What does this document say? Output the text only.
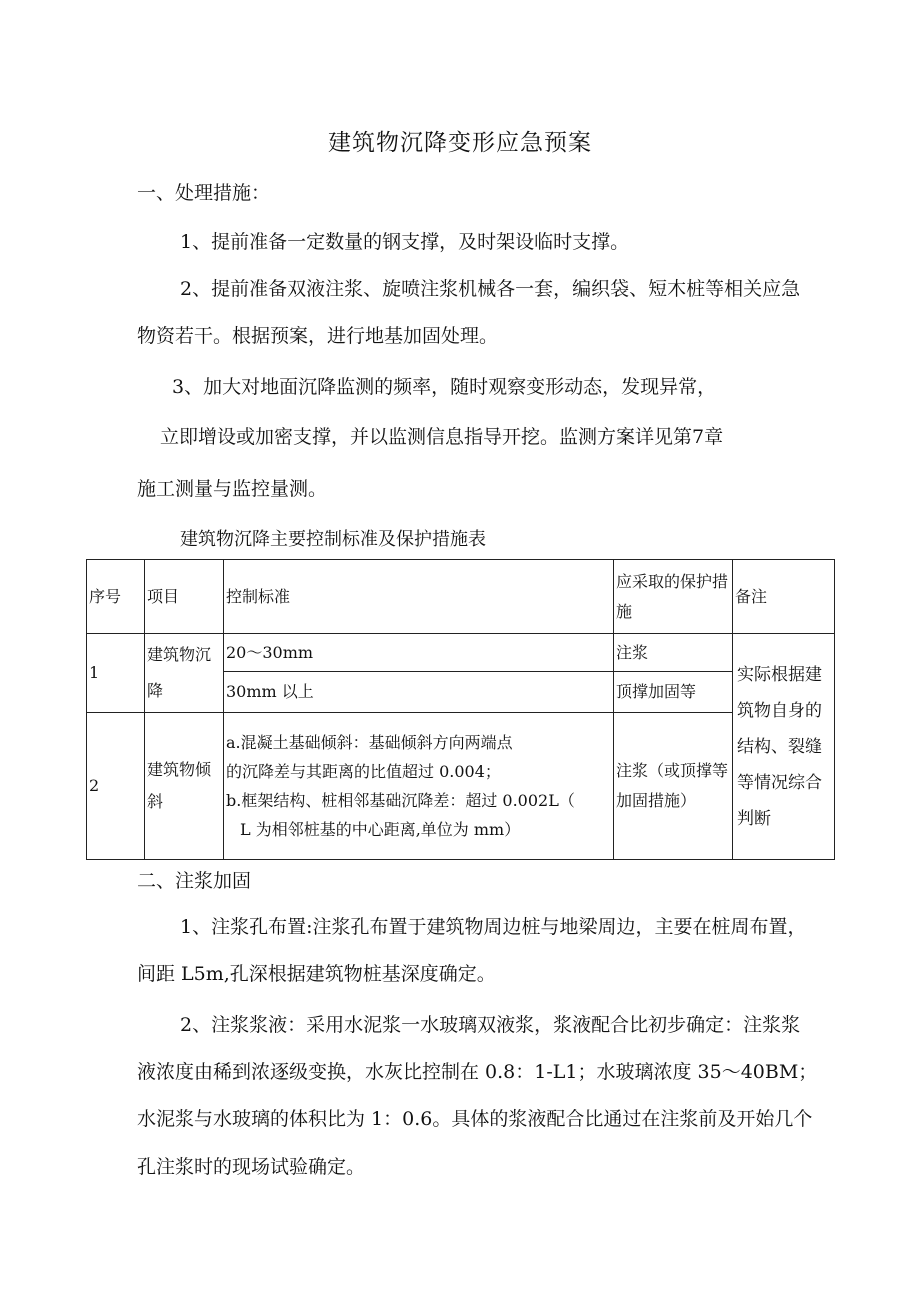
建筑物沉降变形应急预案
一、处理措施：
1、提前准备一定数量的钢支撑，及时架设临时支撑。
2、提前准备双液注浆、旋喷注浆机械各一套，编织袋、短木桩等相关应急
物资若干。根据预案，进行地基加固处理。
3、加大对地面沉降监测的频率，随时观察变形动态，发现异常，
立即增设或加密支撑，并以监测信息指导开挖。监测方案详见第7章
施工测量与监控量测。
建筑物沉降主要控制标准及保护措施表
序号	项目	控制标准	应采取的保护措施	备注
1	建筑物沉降	20～30mm	注浆	实际根据建筑物自身的结构、裂缝等情况综合判断
		30mm 以上	顶撑加固等	
2	建筑物倾斜	a.混凝土基础倾斜：基础倾斜方向两端点
的沉降差与其距离的比值超过 0.004；
b.框架结构、桩相邻基础沉降差：超过 0.002L（
L 为相邻桩基的中心距离,单位为 mm）	注浆（或顶撑等加固措施）	
二、注浆加固
1、注浆孔布置:注浆孔布置于建筑物周边桩与地梁周边，主要在桩周布置，
间距 L5m,孔深根据建筑物桩基深度确定。
2、注浆浆液：采用水泥浆一水玻璃双液浆，浆液配合比初步确定：注浆浆
液浓度由稀到浓逐级变换，水灰比控制在 0.8：1-L1；水玻璃浓度 35～40BM；
水泥浆与水玻璃的体积比为 1：0.6。具体的浆液配合比通过在注浆前及开始几个
孔注浆时的现场试验确定。
